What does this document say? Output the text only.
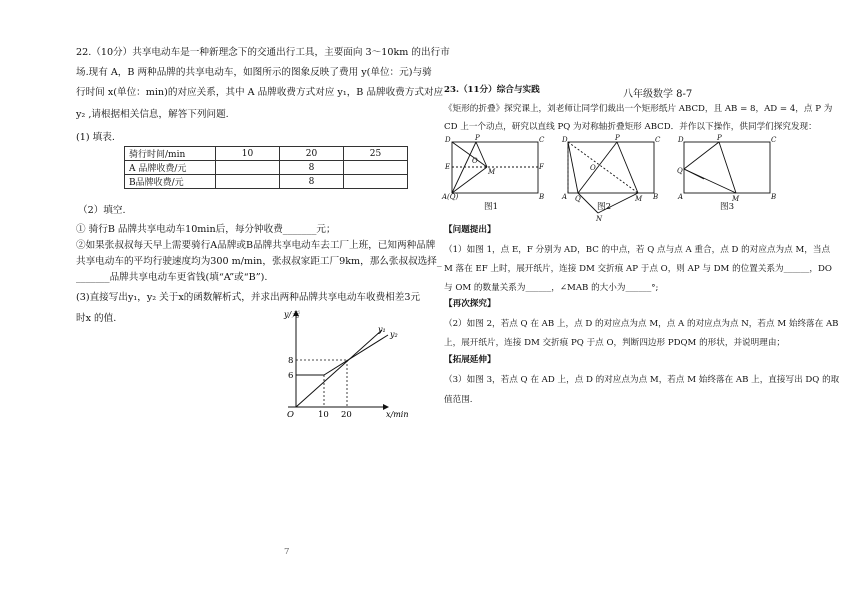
22.（10分）共享电动车是一种新理念下的交通出行工具，主要面向 3～10km 的出行市
场.现有 A，B 两种品牌的共享电动车，如图所示的图象反映了费用 y(单位：元)与骑
行时间 x(单位：min)的对应关系，其中 A 品牌收费方式对应 y₁，B 品牌收费方式对应
y₂ ,请根据相关信息，解答下列问题.
(1) 填表.
骑行时间/min	10	20	25
A 品牌收费/元		8	
B品牌收费/元		8	
（2）填空.
① 骑行B 品牌共享电动车10min后，每分钟收费_______元；
②如果张叔叔每天早上需要骑行A品牌或B品牌共享电动车去工厂上班，已知两种品牌
共享电动车的平均行驶速度均为300 m/min，张叔叔家距工厂9km，那么张叔叔选择_
_______品牌共享电动车更省钱(填“A”或“B”).
(3)直接写出y₁，y₂ 关于x的函数解析式，并求出两种品牌共享电动车收费相差3元
时x 的值.	y/元
x/min
O
8
6
10 20
y₁
y₂
7
23.（11分）综合与实践	八年级数学 8-7
《矩形的折叠》探究课上，刘老师让同学们裁出一个矩形纸片 ABCD，且 AB = 8，AD = 4，点 P 为
CD 上一个动点，研究以直线 PQ 为对称轴折叠矩形 ABCD．并作以下操作，供同学们探究发现：
D	P	C
E	F
O
M
A(Q)	B
D	P	C
O
A Q	M B
N
D	P	C
Q
A	M	B
图1	图2	图3
【问题提出】
（1）如图 1，点 E，F 分别为 AD，BC 的中点，若 Q 点与点 A 重合，点 D 的对应点为点 M，当点
M 落在 EF 上时，展开纸片，连接 DM 交折痕 AP 于点 O，则 AP 与 DM 的位置关系为______，DO
与 OM 的数量关系为______，∠MAB 的大小为______°;
【再次探究】
（2）如图 2，若点 Q 在 AB 上，点 D 的对应点为点 M，点 A 的对应点为点 N，若点 M 始终落在 AB
上，展开纸片，连接 DM 交折痕 PQ 于点 O，判断四边形 PDQM 的形状，并说明理由；
【拓展延伸】
（3）如图 3，若点 Q 在 AD 上，点 D 的对应点为点 M，若点 M 始终落在 AB 上，直接写出 DQ 的取
值范围.
